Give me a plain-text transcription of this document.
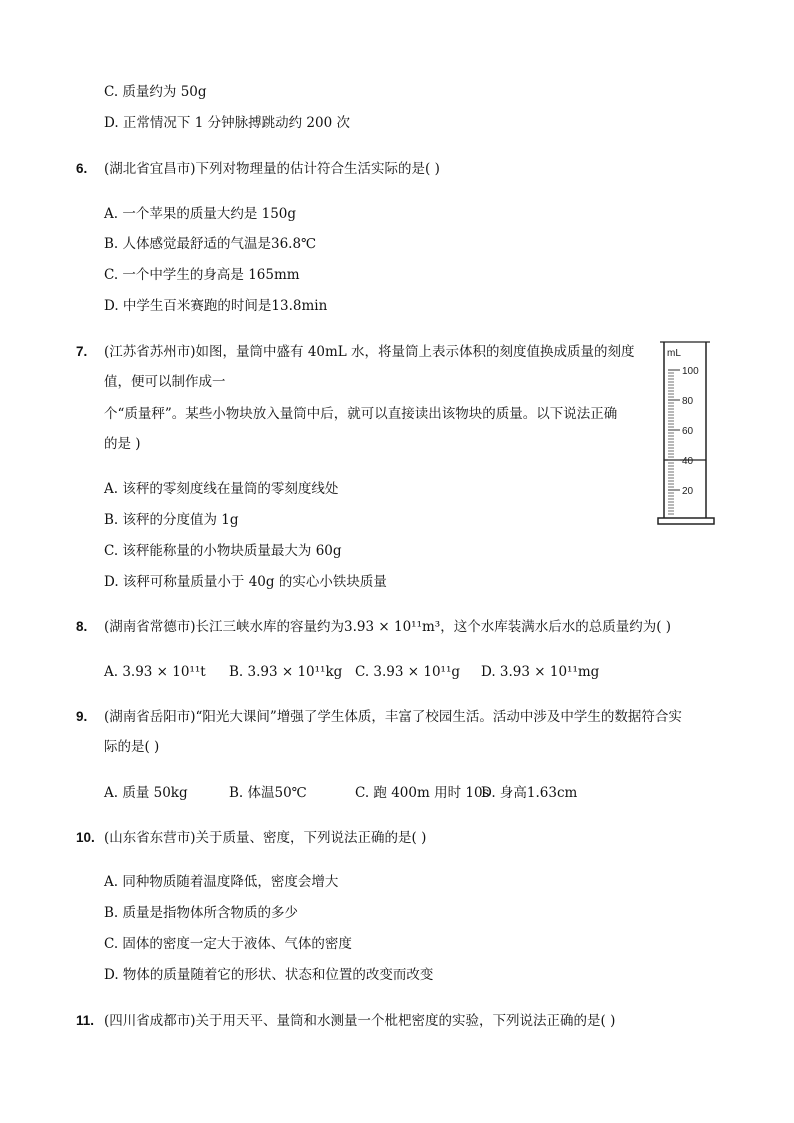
C. 质量约为 50g
D. 正常情况下 1 分钟脉搏跳动约 200 次
6. (湖北省宜昌市)下列对物理量的估计符合生活实际的是( )
A. 一个苹果的质量大约是 150g
B. 人体感觉最舒适的气温是36.8℃
C. 一个中学生的身高是 165mm
D. 中学生百米赛跑的时间是13.8min
7. (江苏省苏州市)如图，量筒中盛有 40mL 水，将量筒上表示体积的刻度值换成质量的刻度
值，便可以制作成一
个“质量秤”。某些小物块放入量筒中后，就可以直接读出该物块的质量。以下说法正确
的是 )
A. 该秤的零刻度线在量筒的零刻度线处
B. 该秤的分度值为 1g
C. 该秤能称量的小物块质量最大为 60g
D. 该秤可称量质量小于 40g 的实心小铁块质量
mL
100
80
60
40
20
8. (湖南省常德市)长江三峡水库的容量约为3.93 × 10¹¹m³，这个水库装满水后水的总质量约为( )
A. 3.93 × 10¹¹t B. 3.93 × 10¹¹kg C. 3.93 × 10¹¹g D. 3.93 × 10¹¹mg
9. (湖南省岳阳市)“阳光大课间”增强了学生体质，丰富了校园生活。活动中涉及中学生的数据符合实
际的是( )
A. 质量 50kg	B. 体温50℃	C. 跑 400m 用时 10s
D. 身高1.63cm
10. (山东省东营市)关于质量、密度，下列说法正确的是( )
A. 同种物质随着温度降低，密度会增大
B. 质量是指物体所含物质的多少
C. 固体的密度一定大于液体、气体的密度
D. 物体的质量随着它的形状、状态和位置的改变而改变
11. (四川省成都市)关于用天平、量筒和水测量一个枇杷密度的实验，下列说法正确的是( )
